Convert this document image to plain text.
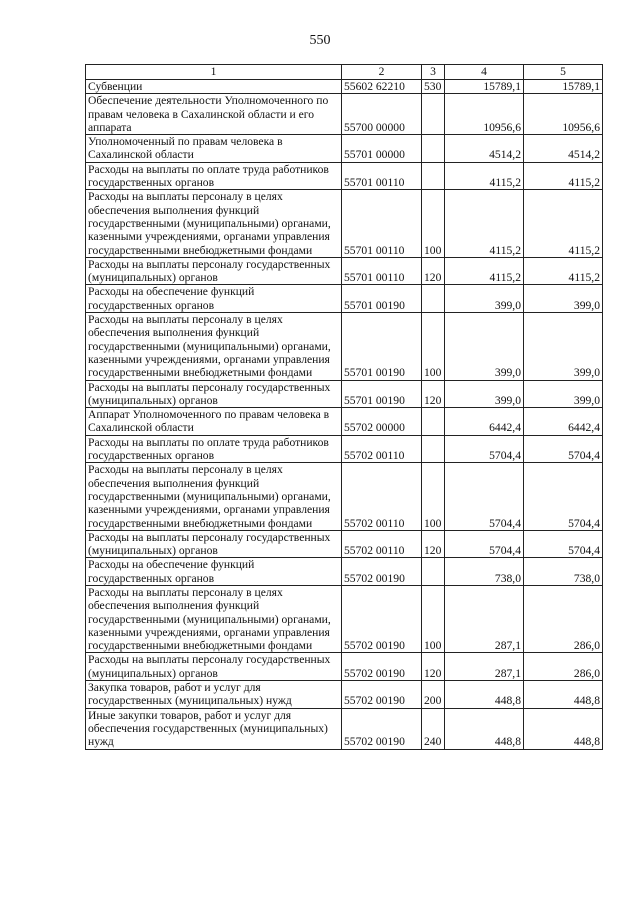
550
1	2	3	4	5
Субвенции	55602 62210	530	15789,1	15789,1
Обеспечение деятельности Уполномоченного по правам человека в Сахалинской области и его аппарата	55700 00000		10956,6	10956,6
Уполномоченный по правам человека в Сахалинской области	55701 00000		4514,2	4514,2
Расходы на выплаты по оплате труда работников государственных органов	55701 00110		4115,2	4115,2
Расходы на выплаты персоналу в целях обеспечения выполнения функций государственными (муниципальными) органами, казенными учреждениями, органами управления государственными внебюджетными фондами	55701 00110	100	4115,2	4115,2
Расходы на выплаты персоналу государственных (муниципальных) органов	55701 00110	120	4115,2	4115,2
Расходы на обеспечение функций государственных органов	55701 00190		399,0	399,0
Расходы на выплаты персоналу в целях обеспечения выполнения функций государственными (муниципальными) органами, казенными учреждениями, органами управления государственными внебюджетными фондами	55701 00190	100	399,0	399,0
Расходы на выплаты персоналу государственных (муниципальных) органов	55701 00190	120	399,0	399,0
Аппарат Уполномоченного по правам человека в Сахалинской области	55702 00000		6442,4	6442,4
Расходы на выплаты по оплате труда работников государственных органов	55702 00110		5704,4	5704,4
Расходы на выплаты персоналу в целях обеспечения выполнения функций государственными (муниципальными) органами, казенными учреждениями, органами управления государственными внебюджетными фондами	55702 00110	100	5704,4	5704,4
Расходы на выплаты персоналу государственных (муниципальных) органов	55702 00110	120	5704,4	5704,4
Расходы на обеспечение функций государственных органов	55702 00190		738,0	738,0
Расходы на выплаты персоналу в целях обеспечения выполнения функций государственными (муниципальными) органами, казенными учреждениями, органами управления государственными внебюджетными фондами	55702 00190	100	287,1	286,0
Расходы на выплаты персоналу государственных (муниципальных) органов	55702 00190	120	287,1	286,0
Закупка товаров, работ и услуг для государственных (муниципальных) нужд	55702 00190	200	448,8	448,8
Иные закупки товаров, работ и услуг для обеспечения государственных (муниципальных) нужд	55702 00190	240	448,8	448,8
